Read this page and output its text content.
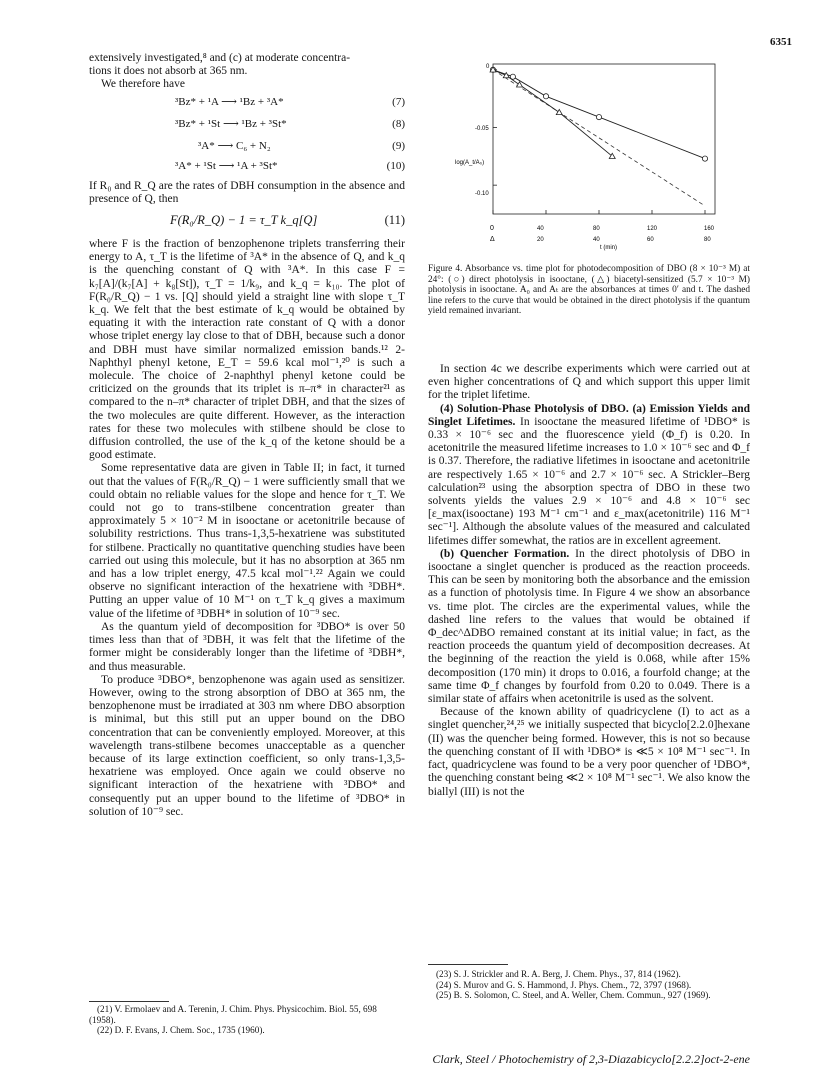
6351

extensively investigated,⁸ and (c) at moderate concentra-

tions it does not absorb at 365 nm.

We therefore have

³Bz* + ¹A ⟶ ¹Bz + ³A*	(7)
³Bz* + ¹St ⟶ ¹Bz + ³St*	(8)
³A* ⟶ C₆ + N₂	(9)
³A* + ¹St ⟶ ¹A + ³St*	(10)

If R₀ and R_Q are the rates of DBH consumption in the absence and presence of Q, then

F(R₀/R_Q) − 1 = τ_T k_q[Q]	(11)

where F is the fraction of benzophenone triplets transferring their energy to A, τ_T is the lifetime of ³A* in the absence of Q, and k_q is the quenching constant of Q with ³A*. In this case F = k₇[A]/(k₇[A] + k₈[St]), τ_T = 1/k₉, and k_q = k₁₀. The plot of F(R₀/R_Q) − 1 vs. [Q] should yield a straight line with slope τ_T k_q. We felt that the best estimate of k_q would be obtained by equating it with the interaction rate constant of Q with a donor whose triplet energy lay close to that of DBH, because such a donor and DBH must have similar normalized emission bands.¹² 2-Naphthyl phenyl ketone, E_T = 59.6 kcal mol⁻¹,²⁰ is such a molecule. The choice of 2-naphthyl phenyl ketone could be criticized on the grounds that its triplet is π–π* in character²¹ as compared to the n–π* character of triplet DBH, and that the sizes of the two molecules are quite different. However, as the interaction rates for these two molecules with stilbene should be close to diffusion controlled, the use of the k_q of the ketone should be a good estimate.

Some representative data are given in Table II; in fact, it turned out that the values of F(R₀/R_Q) − 1 were sufficiently small that we could obtain no reliable values for the slope and hence for τ_T. We could not go to trans-stilbene concentration greater than approximately 5 × 10⁻² M in isooctane or acetonitrile because of solubility restrictions. Thus trans-1,3,5-hexatriene was substituted for stilbene. Practically no quantitative quenching studies have been carried out using this molecule, but it has no absorption at 365 nm and has a low triplet energy, 47.5 kcal mol⁻¹.²² Again we could observe no significant interaction of the hexatriene with ³DBH*. Putting an upper value of 10 M⁻¹ on τ_T k_q gives a maximum value of the lifetime of ³DBH* in solution of 10⁻⁹ sec.

As the quantum yield of decomposition for ³DBO* is over 50 times less than that of ³DBH, it was felt that the lifetime of the former might be considerably longer than the lifetime of ³DBH*, and thus measurable.

To produce ³DBO*, benzophenone was again used as sensitizer. However, owing to the strong absorption of DBO at 365 nm, the benzophenone must be irradiated at 303 nm where DBO absorption is minimal, but this still put an upper bound on the DBO concentration that can be conveniently employed. Moreover, at this wavelength trans-stilbene becomes unacceptable as a quencher because of its large extinction coefficient, so only trans-1,3,5-hexatriene was employed. Once again we could observe no significant interaction of the hexatriene with ³DBO* and consequently put an upper bound to the lifetime of ³DBO* in solution of 10⁻⁹ sec.

(21) V. Ermolaev and A. Terenin, J. Chim. Phys. Physicochim. Biol. 55, 698 (1958).

(22) D. F. Evans, J. Chem. Soc., 1735 (1960).

log(A_t/A₀)
t (min)
0
-0.05
-0.10
0	40	80	120	160
Δ	20	40	60	80
Figure 4. Absorbance vs. time plot for photodecomposition of DBO (8 × 10⁻³ M) at 24°: (○) direct photolysis in isooctane, (△) biacetyl-sensitized (5.7 × 10⁻³ M) photolysis in isooctane. A₀ and Aₜ are the absorbances at times 0′ and t. The dashed line refers to the curve that would be obtained in the direct photolysis if the quantum yield remained invariant.

In section 4c we describe experiments which were carried out at even higher concentrations of Q and which support this upper limit for the triplet lifetime.

(4) Solution-Phase Photolysis of DBO. (a) Emission Yields and Singlet Lifetimes. In isooctane the measured lifetime of ¹DBO* is 0.33 × 10⁻⁶ sec and the fluorescence yield (Φ_f) is 0.20. In acetonitrile the measured lifetime increases to 1.0 × 10⁻⁶ sec and Φ_f is 0.37. Therefore, the radiative lifetimes in isooctane and acetonitrile are respectively 1.65 × 10⁻⁶ and 2.7 × 10⁻⁶ sec. A Strickler–Berg calculation²³ using the absorption spectra of DBO in these two solvents yields the values 2.9 × 10⁻⁶ and 4.8 × 10⁻⁶ sec [ε_max(isooctane) 193 M⁻¹ cm⁻¹ and ε_max(acetonitrile) 116 M⁻¹ sec⁻¹]. Although the absolute values of the measured and calculated lifetimes differ somewhat, the ratios are in excellent agreement.

(b) Quencher Formation. In the direct photolysis of DBO in isooctane a singlet quencher is produced as the reaction proceeds. This can be seen by monitoring both the absorbance and the emission as a function of photolysis time. In Figure 4 we show an absorbance vs. time plot. The circles are the experimental values, while the dashed line refers to the values that would be obtained if Φ_dec^ΔDBO remained constant at its initial value; in fact, as the reaction proceeds the quantum yield of decomposition decreases. At the beginning of the reaction the yield is 0.068, while after 15% decomposition (170 min) it drops to 0.016, a fourfold change; at the same time Φ_f changes by fourfold from 0.20 to 0.049. There is a similar state of affairs when acetonitrile is used as the solvent.

Because of the known ability of quadricyclene (I) to act as a singlet quencher,²⁴,²⁵ we initially suspected that bicyclo[2.2.0]hexane (II) was the quencher being formed. However, this is not so because the quenching constant of II with ¹DBO* is ≪5 × 10⁸ M⁻¹ sec⁻¹. In fact, quadricyclene was found to be a very poor quencher of ¹DBO*, the quenching constant being ≪2 × 10⁸ M⁻¹ sec⁻¹. We also know the biallyl (III) is not the

(23) S. J. Strickler and R. A. Berg, J. Chem. Phys., 37, 814 (1962).

(24) S. Murov and G. S. Hammond, J. Phys. Chem., 72, 3797 (1968).

(25) B. S. Solomon, C. Steel, and A. Weller, Chem. Commun., 927 (1969).

Clark, Steel / Photochemistry of 2,3-Diazabicyclo[2.2.2]oct-2-ene
